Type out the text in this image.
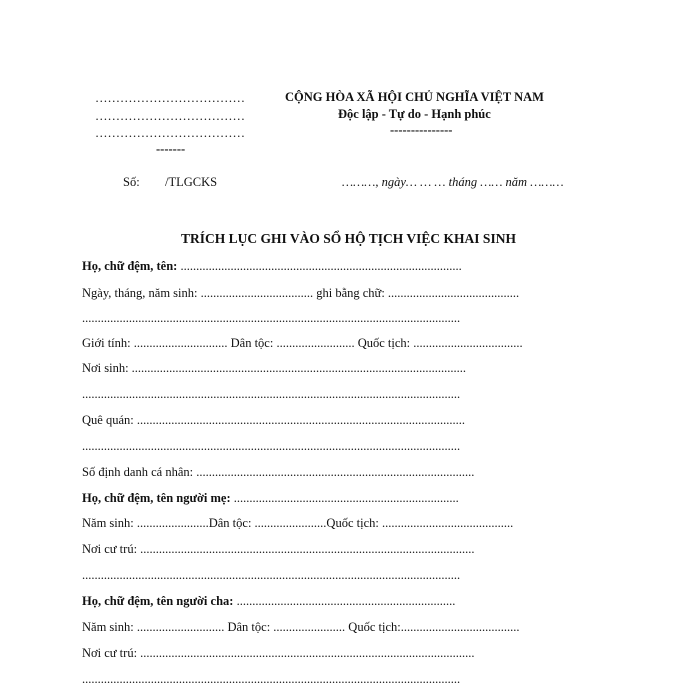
………………………………
………………………………
………………………………
-------
CỘNG HÒA XÃ HỘI CHỦ NGHĨA VIỆT NAM
Độc lập - Tự do - Hạnh phúc
---------------
Số: /TLGCKS	………, ngày… … … tháng …… năm ………
TRÍCH LỤC GHI VÀO SỔ HỘ TỊCH VIỆC KHAI SINH
Họ, chữ đệm, tên: ..........................................................................................
Ngày, tháng, năm sinh: .................................... ghi bằng chữ: ..........................................
.........................................................................................................................
Giới tính: .............................. Dân tộc: ......................... Quốc tịch: ...................................
Nơi sinh: ...........................................................................................................
.........................................................................................................................
Quê quán: .........................................................................................................
.........................................................................................................................
Số định danh cá nhân: .........................................................................................
Họ, chữ đệm, tên người mẹ: ........................................................................
Năm sinh: .......................Dân tộc: .......................Quốc tịch: ..........................................
Nơi cư trú: ...........................................................................................................
.........................................................................................................................
Họ, chữ đệm, tên người cha: ......................................................................
Năm sinh: ............................ Dân tộc: ....................... Quốc tịch:......................................
Nơi cư trú: ...........................................................................................................
.........................................................................................................................
